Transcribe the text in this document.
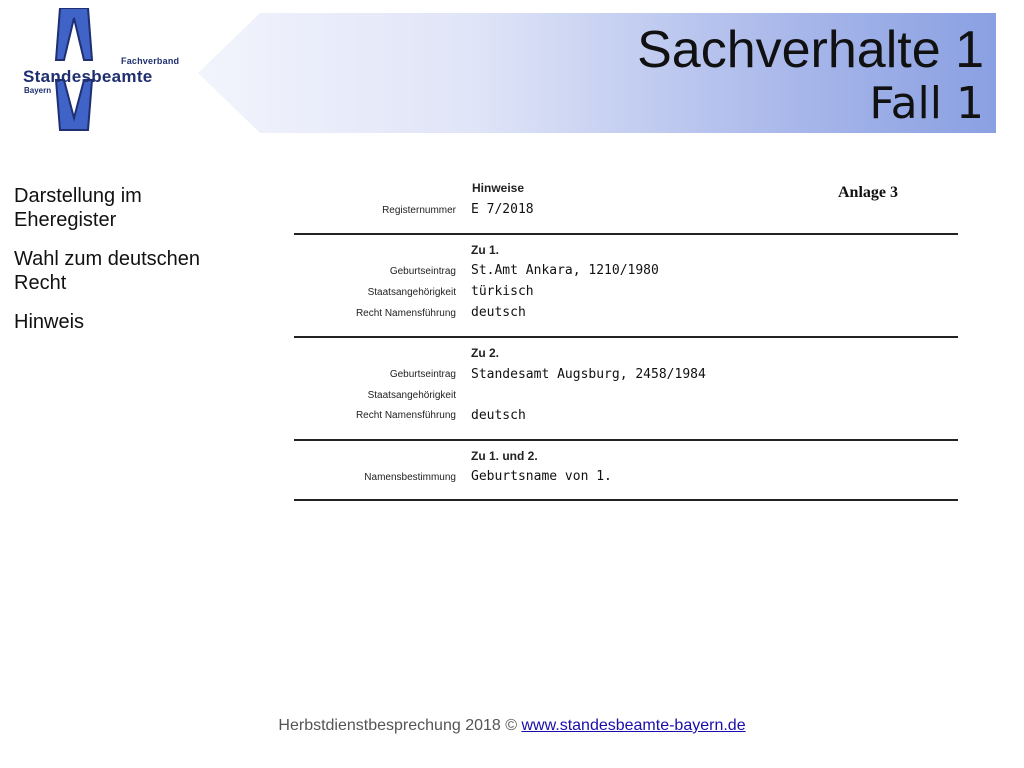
Fachverband
Standesbeamte
Bayern
Sachverhalte 1
Fall 1
Darstellung im Eheregister
Wahl zum deutschen Recht
Hinweis
Hinweise	Anlage 3
Registernummer E 7/2018
Zu 1.
Geburtseintrag St.Amt Ankara, 1210/1980
Staatsangehörigkeit türkisch
Recht Namensführung deutsch
Zu 2.
Geburtseintrag Standesamt Augsburg, 2458/1984
Staatsangehörigkeit
Recht Namensführung deutsch
Zu 1. und 2.
Namensbestimmung Geburtsname von 1.
Herbstdienstbesprechung 2018 © www.standesbeamte-bayern.de
